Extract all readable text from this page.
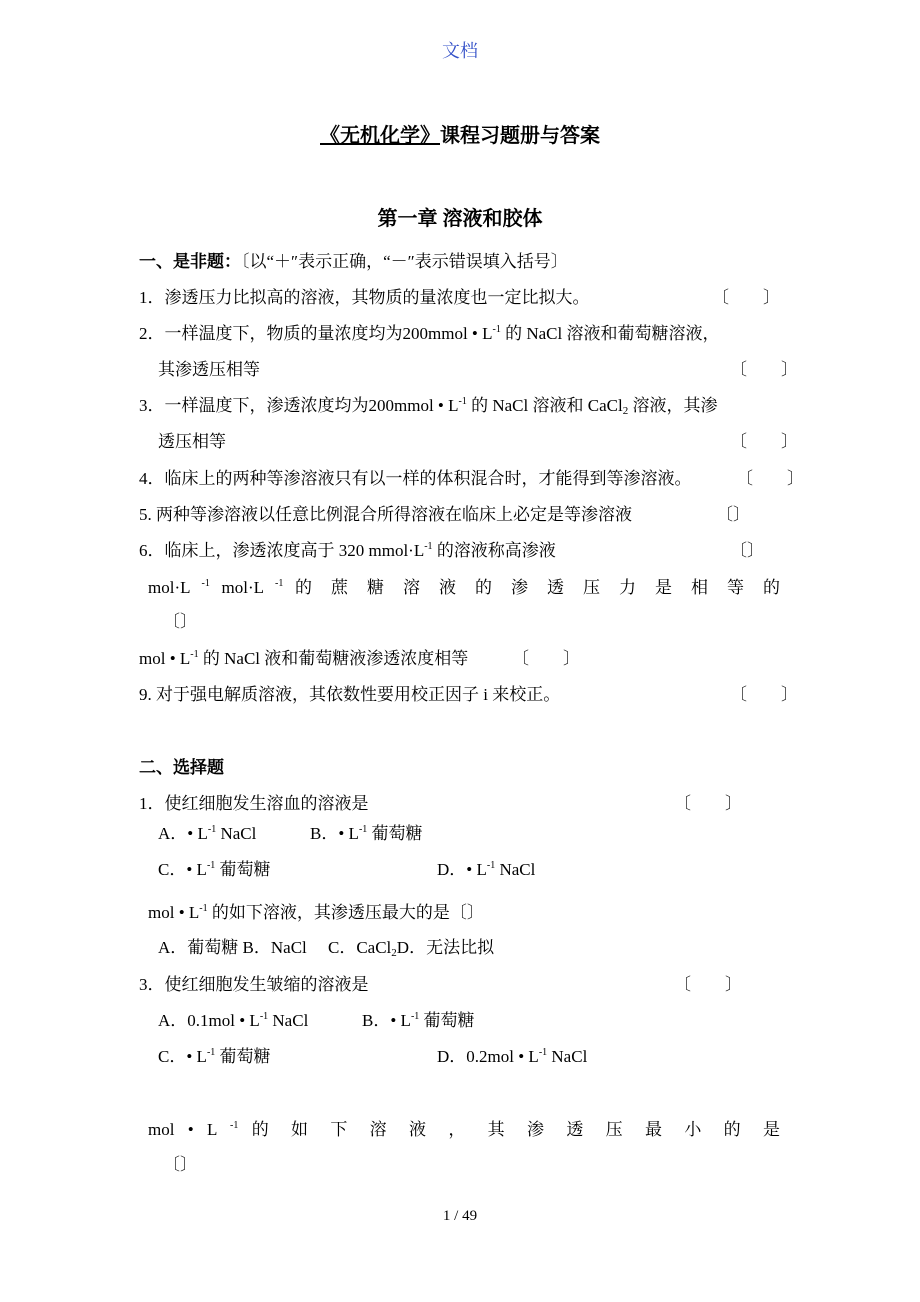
文档
《无机化学》课程习题册与答案
第一章 溶液和胶体
一、是非题：〔以“＋″表示正确，“－″表示错误填入括号〕
1．渗透压力比拟高的溶液，其物质的量浓度也一定比拟大。	〔　　〕
2．一样温度下，物质的量浓度均为200mmol • $L^{-1}$ 的 NaCl 溶液和葡萄糖溶液，
其渗透压相等	〔　　〕
3．一样温度下，渗透浓度均为200mmol • $L^{-1}$ 的 NaCl 溶液和 CaCl$_2$ 溶液，其渗
透压相等	〔　　〕
4．临床上的两种等渗溶液只有以一样的体积混合时，才能得到等渗溶液。	〔　　〕
5. 两种等渗溶液以任意比例混合所得溶液在临床上必定是等渗溶液	〔〕
6．临床上，渗透浓度高于 320 $mmol\cdot L^{-1}$ 的溶液称高渗液	〔〕
mol·L $^{-1}$ mol·L $^{-1}$ 的 蔗 糖 溶 液 的 渗 透 压 力 是 相 等 的
〔〕
mol • $L^{-1}$ 的 NaCl 液和葡萄糖液渗透浓度相等	〔　　〕
9. 对于强电解质溶液，其依数性要用校正因子 i 来校正。	〔　　〕
二、选择题
1．使红细胞发生溶血的溶液是	〔　　〕
A．• $L^{-1}$ NaCl	B．• $L^{-1}$ 葡萄糖
C．• $L^{-1}$ 葡萄糖	D．• $L^{-1}$ NaCl
mol • $L^{-1}$ 的如下溶液，其渗透压最大的是〔〕
A．葡萄糖 B．NaCl　 C．CaCl$_2$D．无法比拟
3．使红细胞发生皱缩的溶液是	〔　　〕
A．0.1mol • $L^{-1}$ NaCl	B．• $L^{-1}$ 葡萄糖
C．• $L^{-1}$ 葡萄糖	D．0.2mol • $L^{-1}$ NaCl
mol • L $^{-1}$ 的 如 下 溶 液 ， 其 渗 透 压 最 小 的 是
〔〕
1 / 49
